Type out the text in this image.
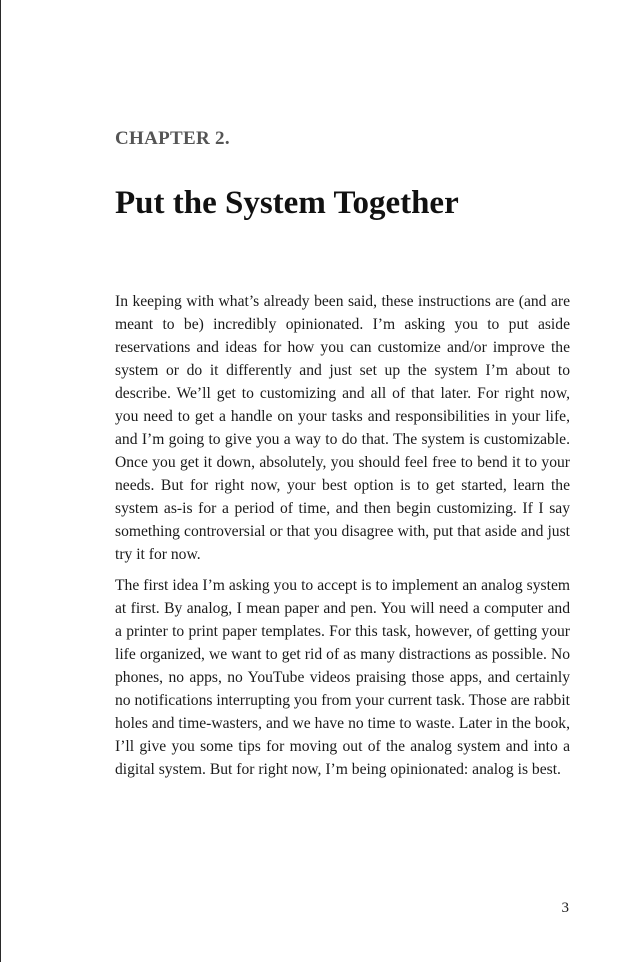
CHAPTER 2.
Put the System Together

In keeping with what’s already been said, these instructions are (and are meant to be) incredibly opinionated. I’m asking you to put aside reservations and ideas for how you can customize and/or improve the system or do it differently and just set up the system I’m about to describe. We’ll get to customizing and all of that later. For right now, you need to get a handle on your tasks and responsibilities in your life, and I’m going to give you a way to do that. The system is customizable. Once you get it down, absolutely, you should feel free to bend it to your needs. But for right now, your best option is to get started, learn the system as-is for a period of time, and then begin customizing. If I say something controversial or that you disagree with, put that aside and just try it for now.

The first idea I’m asking you to accept is to implement an analog system at first. By analog, I mean paper and pen. You will need a computer and a printer to print paper templates. For this task, however, of getting your life organized, we want to get rid of as many distractions as possible. No phones, no apps, no YouTube videos praising those apps, and certainly no notifications interrupting you from your current task. Those are rabbit holes and time-wasters, and we have no time to waste. Later in the book, I’ll give you some tips for moving out of the analog system and into a digital system. But for right now, I’m being opinionated: analog is best.

3
